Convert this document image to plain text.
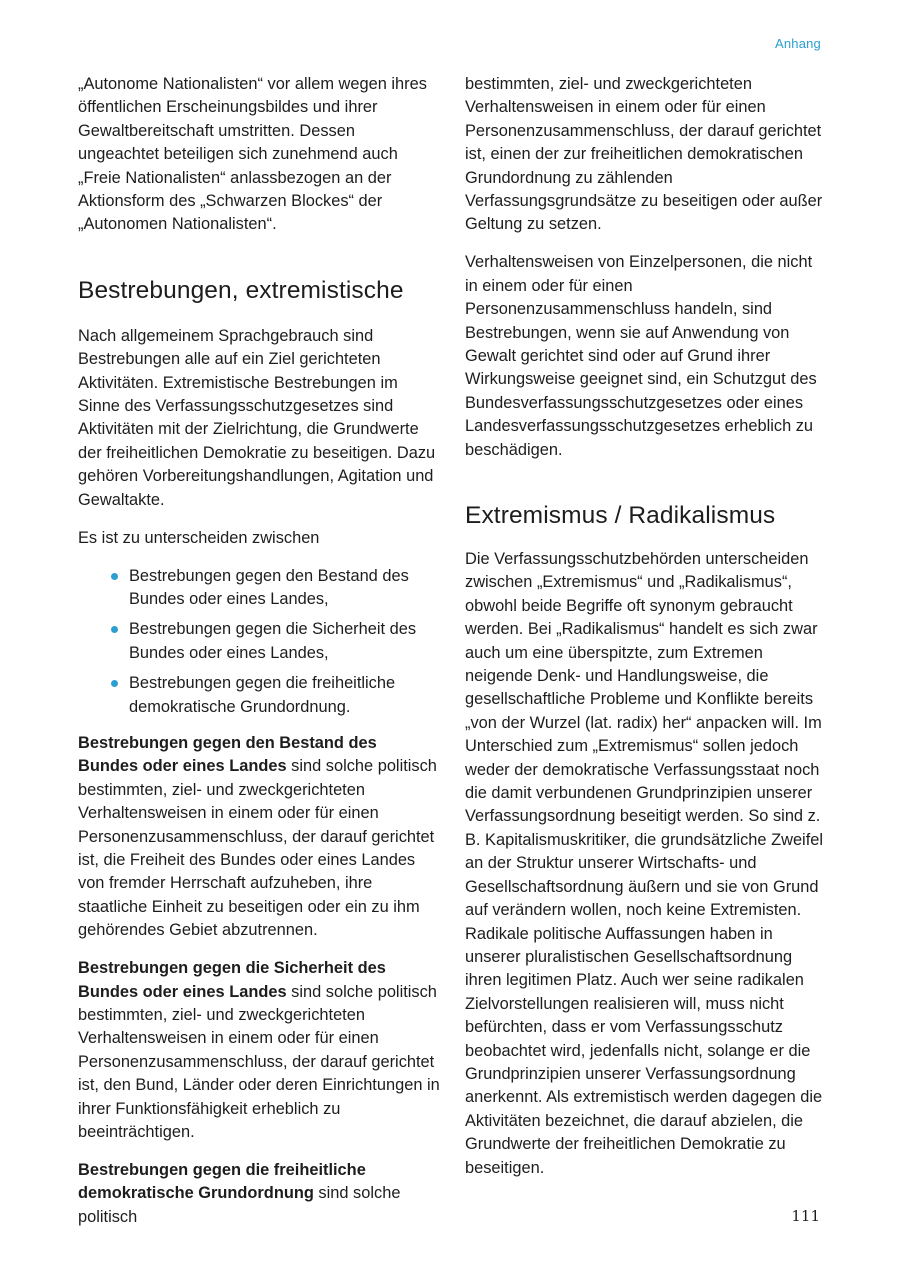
Anhang

„Autonome Nationalisten“ vor allem wegen ihres öffentlichen Erscheinungsbildes und ihrer Gewaltbereitschaft umstritten. Dessen ungeachtet beteiligen sich zunehmend auch „Freie Nationalisten“ anlassbezogen an der Aktionsform des „Schwarzen Blockes“ der „Autonomen Nationalisten“.

Bestrebungen, extremistische

Nach allgemeinem Sprachgebrauch sind Bestrebungen alle auf ein Ziel gerichteten Aktivitäten. Extremistische Bestrebungen im Sinne des Verfassungsschutzgesetzes sind Aktivitäten mit der Zielrichtung, die Grundwerte der freiheitlichen Demokratie zu beseitigen. Dazu gehören Vorbereitungshandlungen, Agitation und Gewaltakte.

Es ist zu unterscheiden zwischen

Bestrebungen gegen den Bestand des Bundes oder eines Landes,
Bestrebungen gegen die Sicherheit des Bundes oder eines Landes,
Bestrebungen gegen die freiheitliche demokratische Grundordnung.

Bestrebungen gegen den Bestand des Bundes oder eines Landes sind solche politisch bestimmten, ziel- und zweckgerichteten Verhaltensweisen in einem oder für einen Personenzusammenschluss, der darauf gerichtet ist, die Freiheit des Bundes oder eines Landes von fremder Herrschaft aufzuheben, ihre staatliche Einheit zu beseitigen oder ein zu ihm gehörendes Gebiet abzutrennen.

Bestrebungen gegen die Sicherheit des Bundes oder eines Landes sind solche politisch bestimmten, ziel- und zweckgerichteten Verhaltensweisen in einem oder für einen Personenzusammenschluss, der darauf gerichtet ist, den Bund, Länder oder deren Einrichtungen in ihrer Funktionsfähigkeit erheblich zu beeinträchtigen.

Bestrebungen gegen die freiheitliche demokratische Grundordnung sind solche politisch

bestimmten, ziel- und zweckgerichteten Verhaltensweisen in einem oder für einen Personenzusammenschluss, der darauf gerichtet ist, einen der zur freiheitlichen demokratischen Grundordnung zu zählenden Verfassungsgrundsätze zu beseitigen oder außer Geltung zu setzen.

Verhaltensweisen von Einzelpersonen, die nicht in einem oder für einen Personenzusammenschluss handeln, sind Bestrebungen, wenn sie auf Anwendung von Gewalt gerichtet sind oder auf Grund ihrer Wirkungsweise geeignet sind, ein Schutzgut des Bundesverfassungsschutzgesetzes oder eines Landesverfassungsschutzgesetzes erheblich zu beschädigen.

Extremismus / Radikalismus

Die Verfassungsschutzbehörden unterscheiden zwischen „Extremismus“ und „Radikalismus“, obwohl beide Begriffe oft synonym gebraucht werden. Bei „Radikalismus“ handelt es sich zwar auch um eine überspitzte, zum Extremen neigende Denk- und Handlungsweise, die gesellschaftliche Probleme und Konflikte bereits „von der Wurzel (lat. radix) her“ anpacken will. Im Unterschied zum „Extremismus“ sollen jedoch weder der demokratische Verfassungsstaat noch die damit verbundenen Grundprinzipien unserer Verfassungsordnung beseitigt werden. So sind z. B. Kapitalismuskritiker, die grundsätzliche Zweifel an der Struktur unserer Wirtschafts- und Gesellschaftsordnung äußern und sie von Grund auf verändern wollen, noch keine Extremisten. Radikale politische Auffassungen haben in unserer pluralistischen Gesellschaftsordnung ihren legitimen Platz. Auch wer seine radikalen Zielvorstellungen realisieren will, muss nicht befürchten, dass er vom Verfassungsschutz beobachtet wird, jedenfalls nicht, solange er die Grundprinzipien unserer Verfassungsordnung anerkennt. Als extremistisch werden dagegen die Aktivitäten bezeichnet, die darauf abzielen, die Grundwerte der freiheitlichen Demokratie zu beseitigen.

111
